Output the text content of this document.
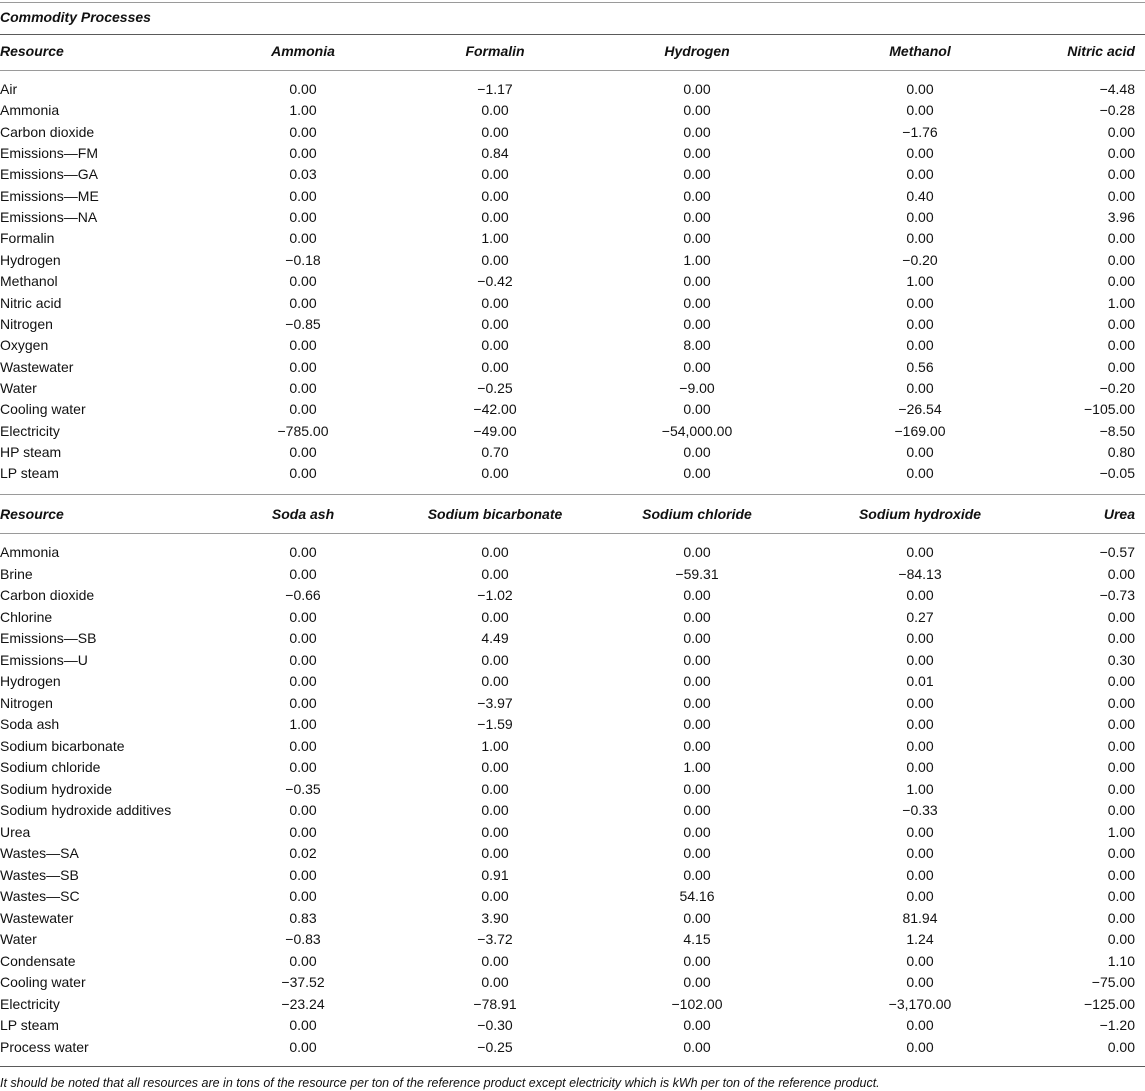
Commodity Processes
Resource	Ammonia	Formalin	Hydrogen	Methanol	Nitric acid
Air	0.00	−1.17	0.00	0.00	−4.48
Ammonia	1.00	0.00	0.00	0.00	−0.28
Carbon dioxide	0.00	0.00	0.00	−1.76	0.00
Emissions—FM	0.00	0.84	0.00	0.00	0.00
Emissions—GA	0.03	0.00	0.00	0.00	0.00
Emissions—ME	0.00	0.00	0.00	0.40	0.00
Emissions—NA	0.00	0.00	0.00	0.00	3.96
Formalin	0.00	1.00	0.00	0.00	0.00
Hydrogen	−0.18	0.00	1.00	−0.20	0.00
Methanol	0.00	−0.42	0.00	1.00	0.00
Nitric acid	0.00	0.00	0.00	0.00	1.00
Nitrogen	−0.85	0.00	0.00	0.00	0.00
Oxygen	0.00	0.00	8.00	0.00	0.00
Wastewater	0.00	0.00	0.00	0.56	0.00
Water	0.00	−0.25	−9.00	0.00	−0.20
Cooling water	0.00	−42.00	0.00	−26.54	−105.00
Electricity	−785.00	−49.00	−54,000.00	−169.00	−8.50
HP steam	0.00	0.70	0.00	0.00	0.80
LP steam	0.00	0.00	0.00	0.00	−0.05
Resource	Soda ash	Sodium bicarbonate	Sodium chloride	Sodium hydroxide	Urea
Ammonia	0.00	0.00	0.00	0.00	−0.57
Brine	0.00	0.00	−59.31	−84.13	0.00
Carbon dioxide	−0.66	−1.02	0.00	0.00	−0.73
Chlorine	0.00	0.00	0.00	0.27	0.00
Emissions—SB	0.00	4.49	0.00	0.00	0.00
Emissions—U	0.00	0.00	0.00	0.00	0.30
Hydrogen	0.00	0.00	0.00	0.01	0.00
Nitrogen	0.00	−3.97	0.00	0.00	0.00
Soda ash	1.00	−1.59	0.00	0.00	0.00
Sodium bicarbonate	0.00	1.00	0.00	0.00	0.00
Sodium chloride	0.00	0.00	1.00	0.00	0.00
Sodium hydroxide	−0.35	0.00	0.00	1.00	0.00
Sodium hydroxide additives	0.00	0.00	0.00	−0.33	0.00
Urea	0.00	0.00	0.00	0.00	1.00
Wastes—SA	0.02	0.00	0.00	0.00	0.00
Wastes—SB	0.00	0.91	0.00	0.00	0.00
Wastes—SC	0.00	0.00	54.16	0.00	0.00
Wastewater	0.83	3.90	0.00	81.94	0.00
Water	−0.83	−3.72	4.15	1.24	0.00
Condensate	0.00	0.00	0.00	0.00	1.10
Cooling water	−37.52	0.00	0.00	0.00	−75.00
Electricity	−23.24	−78.91	−102.00	−3,170.00	−125.00
LP steam	0.00	−0.30	0.00	0.00	−1.20
Process water	0.00	−0.25	0.00	0.00	0.00
It should be noted that all resources are in tons of the resource per ton of the reference product except electricity which is kWh per ton of the reference product.
